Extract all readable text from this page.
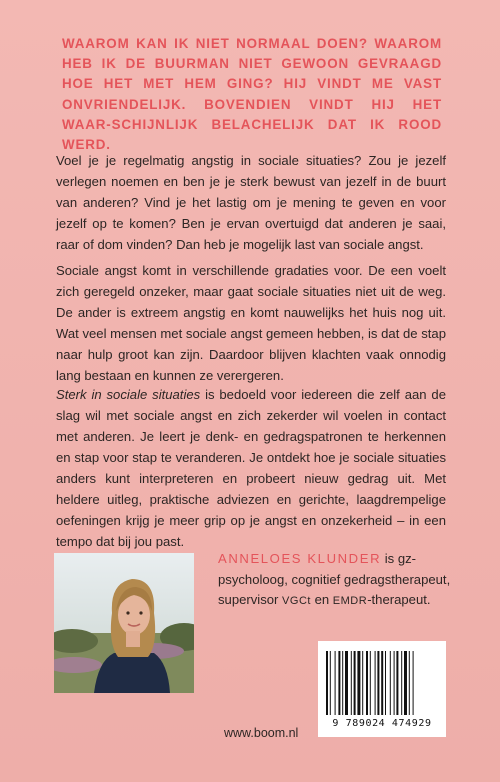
WAAROM KAN IK NIET NORMAAL DOEN? WAAROM HEB IK DE BUURMAN NIET GEWOON GEVRAAGD HOE HET MET HEM GING? HIJ VINDT ME VAST ONVRIENDELIJK. BOVENDIEN VINDT HIJ HET WAAR-SCHIJNLIJK BELACHELIJK DAT IK ROOD WERD.
Voel je je regelmatig angstig in sociale situaties? Zou je jezelf verlegen noemen en ben je je sterk bewust van jezelf in de buurt van anderen? Vind je het lastig om je mening te geven en voor jezelf op te komen? Ben je ervan overtuigd dat anderen je saai, raar of dom vinden? Dan heb je mogelijk last van sociale angst.
Sociale angst komt in verschillende gradaties voor. De een voelt zich geregeld onzeker, maar gaat sociale situaties niet uit de weg. De ander is extreem angstig en komt nauwelijks het huis nog uit. Wat veel mensen met sociale angst gemeen hebben, is dat de stap naar hulp groot kan zijn. Daardoor blijven klachten vaak onnodig lang bestaan en kunnen ze verergeren.
Sterk in sociale situaties is bedoeld voor iedereen die zelf aan de slag wil met sociale angst en zich zekerder wil voelen in contact met anderen. Je leert je denk- en gedragspatronen te herkennen en stap voor stap te veranderen. Je ontdekt hoe je sociale situaties anders kunt interpreteren en probeert nieuw gedrag uit. Met heldere uitleg, praktische adviezen en gerichte, laagdrempelige oefeningen krijg je meer grip op je angst en onzekerheid – in een tempo dat bij jou past.
ANNELOES KLUNDER is gz-psycholoog, cognitief gedragstherapeut, supervisor VGCt en EMDR-therapeut.
9 789024 474929
www.boom.nl
